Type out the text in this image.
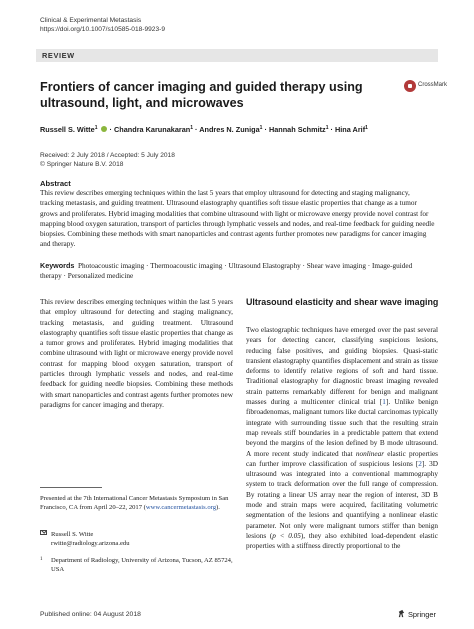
Clinical & Experimental Metastasis
https://doi.org/10.1007/s10585-018-9923-9
REVIEW
Frontiers of cancer imaging and guided therapy using ultrasound, light, and microwaves
CrossMark
Russell S. Witte$^1$  · Chandra Karunakaran$^1$ · Andres N. Zuniga$^1$ · Hannah Schmitz$^1$ · Hina Arif$^1$
Received: 2 July 2018 / Accepted: 5 July 2018
© Springer Nature B.V. 2018
Abstract
This review describes emerging techniques within the last 5 years that employ ultrasound for detecting and staging malignancy, tracking metastasis, and guiding treatment. Ultrasound elastography quantifies soft tissue elastic properties that change as a tumor grows and proliferates. Hybrid imaging modalities that combine ultrasound with light or microwave energy provide novel contrast for mapping blood oxygen saturation, transport of particles through lymphatic vessels and nodes, and real-time feedback for guiding needle biopsies. Combining these methods with smart nanoparticles and contrast agents further promotes new paradigms for cancer imaging and therapy.
Keywords Photoacoustic imaging · Thermoacoustic imaging · Ultrasound Elastography · Shear wave imaging · Image-guided therapy · Personalized medicine
This review describes emerging techniques within the last 5 years that employ ultrasound for detecting and staging malignancy, tracking metastasis, and guiding treatment. Ultrasound elastography quantifies soft tissue elastic properties that change as a tumor grows and proliferates. Hybrid imaging modalities that combine ultrasound with light or microwave energy provide novel contrast for mapping blood oxygen saturation, transport of particles through lymphatic vessels and nodes, and real-time feedback for guiding needle biopsies. Combining these methods with smart nanoparticles and contrast agents further promotes new paradigms for cancer imaging and therapy.
Presented at the 7th International Cancer Metastasis Symposium in San Francisco, CA from April 20–22, 2017 (www.cancermetastasis.org).
Russell S. Witte
rwitte@radiology.arizona.edu
1	Department of Radiology, University of Arizona, Tucson, AZ 85724, USA
Ultrasound elasticity and shear wave imaging

Two elastographic techniques have emerged over the past several years for detecting cancer, classifying suspicious lesions, reducing false positives, and guiding biopsies. Quasi-static transient elastography quantifies displacement and strain as tissue deforms to identify relative regions of soft and hard tissue. Traditional elastography for diagnostic breast imaging revealed strain patterns remarkably different for benign and malignant masses during a multicenter clinical trial [1]. Unlike benign fibroadenomas, malignant tumors like ductal carcinomas typically integrate with surrounding tissue such that the resulting strain map reveals stiff boundaries in a predictable pattern that extend beyond the margins of the lesion defined by B mode ultrasound. A more recent study indicated that nonlinear elastic properties can further improve classification of suspicious lesions [2]. 3D ultrasound was integrated into a conventional mammography system to track deformation over the full range of compression. By rotating a linear US array near the region of interest, 3D B mode and strain maps were acquired, facilitating volumetric segmentation of the lesions and quantifying a nonlinear elastic parameter. Not only were malignant tumors stiffer than benign lesions (p < 0.05), they also exhibited load-dependent elastic properties with a stiffness directly proportional to the

Published online: 04 August 2018	Springer
